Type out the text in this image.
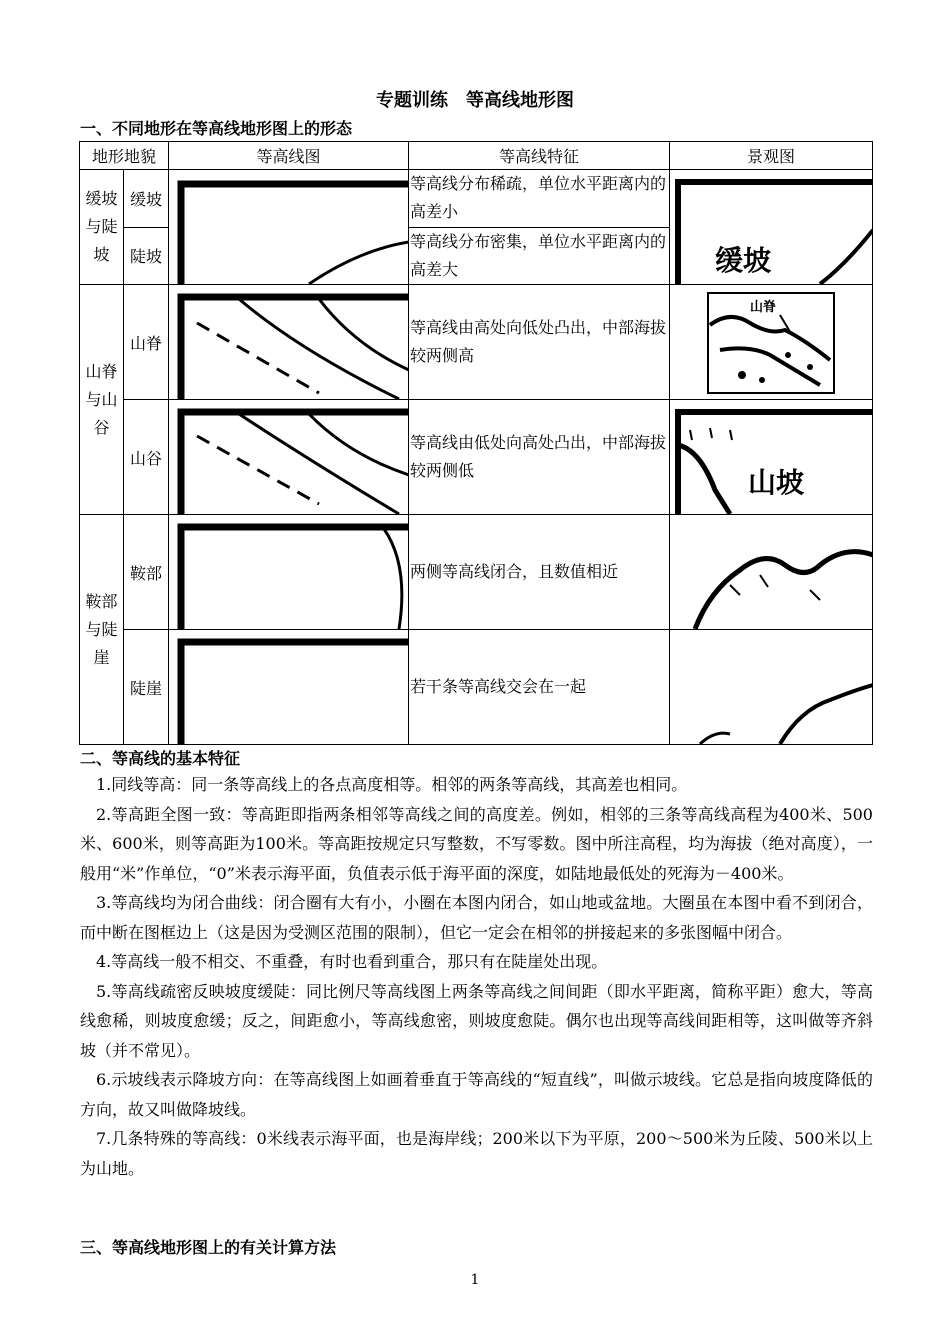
专题训练　等高线地形图
一、不同地形在等高线地形图上的形态
地形地貌		等高线图	等高线特征	景观图
缓坡与陡坡	缓坡		等高线分布稀疏，单位水平距离内的高差小	缓坡

	陡坡		等高线分布密集，单位水平距离内的高差大	
山脊与山谷	山脊		等高线由高处向低处凸出，中部海拔较两侧高	山脊

	山谷		等高线由低处向高处凸出，中部海拔较两侧低	山坡

鞍部与陡崖	鞍部		两侧等高线闭合，且数值相近	

	陡崖		若干条等高线交会在一起	
二、等高线的基本特征

1.同线等高：同一条等高线上的各点高度相等。相邻的两条等高线，其高差也相同。

2.等高距全图一致：等高距即指两条相邻等高线之间的高度差。例如，相邻的三条等高线高程为400米、500米、600米，则等高距为100米。等高距按规定只写整数，不写零数。图中所注高程，均为海拔（绝对高度），一般用“米”作单位，“0”米表示海平面，负值表示低于海平面的深度，如陆地最低处的死海为－400米。

3.等高线均为闭合曲线：闭合圈有大有小，小圈在本图内闭合，如山地或盆地。大圈虽在本图中看不到闭合，而中断在图框边上（这是因为受测区范围的限制），但它一定会在相邻的拼接起来的多张图幅中闭合。

4.等高线一般不相交、不重叠，有时也看到重合，那只有在陡崖处出现。

5.等高线疏密反映坡度缓陡：同比例尺等高线图上两条等高线之间间距（即水平距离，简称平距）愈大，等高线愈稀，则坡度愈缓；反之，间距愈小，等高线愈密，则坡度愈陡。偶尔也出现等高线间距相等，这叫做等齐斜坡（并不常见）。

6.示坡线表示降坡方向：在等高线图上如画着垂直于等高线的“短直线”，叫做示坡线。它总是指向坡度降低的方向，故又叫做降坡线。

7.几条特殊的等高线：0米线表示海平面，也是海岸线；200米以下为平原，200～500米为丘陵、500米以上为山地。

三、等高线地形图上的有关计算方法
1
